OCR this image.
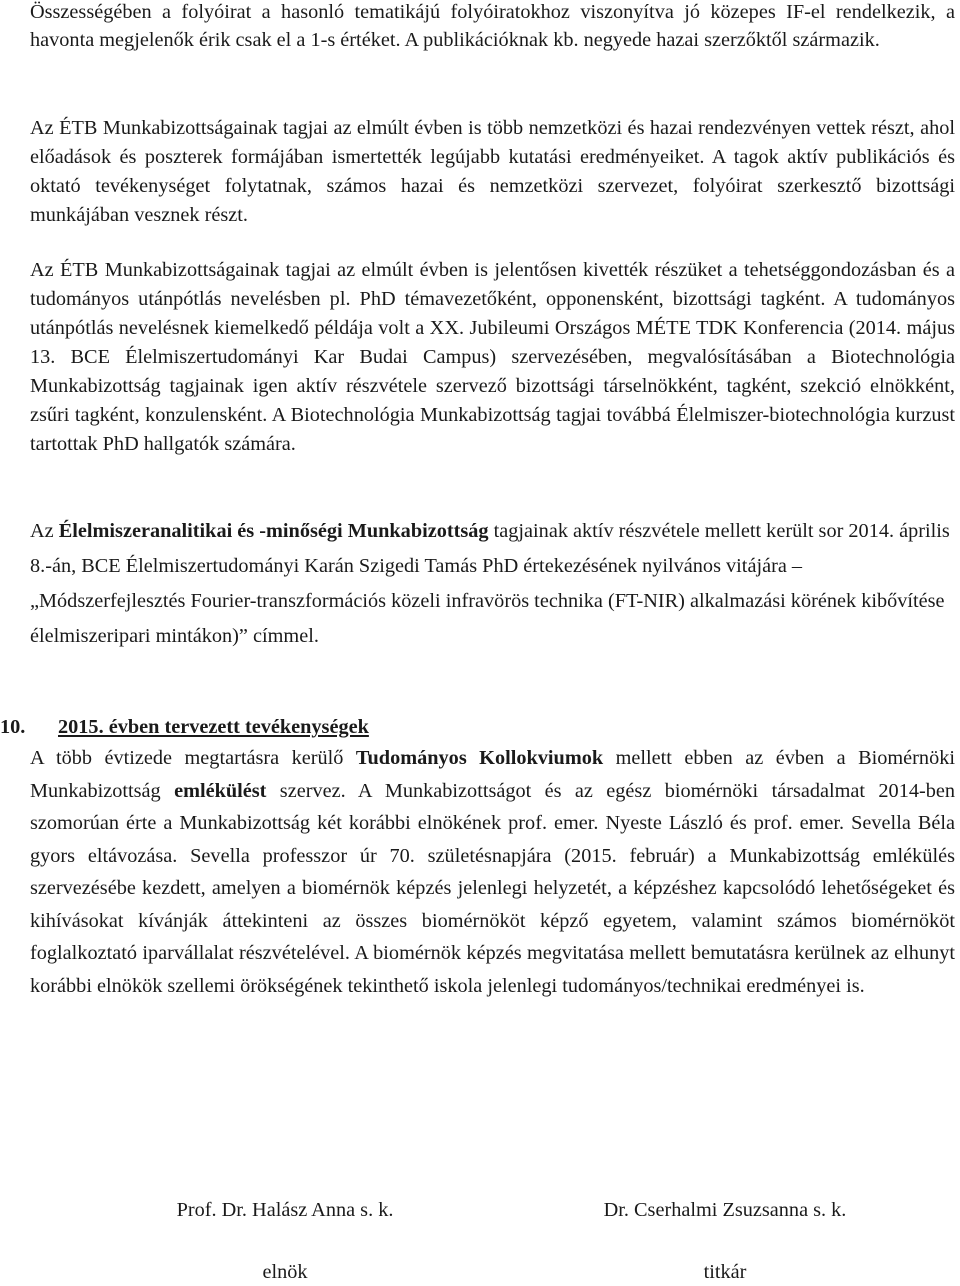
Összességében a folyóirat a hasonló tematikájú folyóiratokhoz viszonyítva jó közepes IF-el rendelkezik, a havonta megjelenők érik csak el a 1-s értéket. A publikációknak kb. negyede hazai szerzőktől származik.

Az ÉTB Munkabizottságainak tagjai az elmúlt évben is több nemzetközi és hazai rendezvényen vettek részt, ahol előadások és poszterek formájában ismertették legújabb kutatási eredményeiket. A tagok aktív publikációs és oktató tevékenységet folytatnak, számos hazai és nemzetközi szervezet, folyóirat szerkesztő bizottsági munkájában vesznek részt.

Az ÉTB Munkabizottságainak tagjai az elmúlt évben is jelentősen kivették részüket a tehetséggondozásban és a tudományos utánpótlás nevelésben pl. PhD témavezetőként, opponensként, bizottsági tagként. A tudományos utánpótlás nevelésnek kiemelkedő példája volt a XX. Jubileumi Országos MÉTE TDK Konferencia (2014. május 13. BCE Élelmiszertudományi Kar Budai Campus) szervezésében, megvalósításában a Biotechnológia Munkabizottság tagjainak igen aktív részvétele szervező bizottsági társelnökként, tagként, szekció elnökként, zsűri tagként, konzulensként. A Biotechnológia Munkabizottság tagjai továbbá Élelmiszer-biotechnológia kurzust tartottak PhD hallgatók számára.

Az Élelmiszeranalitikai és -minőségi Munkabizottság tagjainak aktív részvétele mellett került sor 2014. április 8.-án, BCE Élelmiszertudományi Karán Szigedi Tamás PhD értekezésének nyilvános vitájára – „Módszerfejlesztés Fourier-transzformációs közeli infravörös technika (FT-NIR) alkalmazási körének kibővítése élelmiszeripari mintákon)” címmel.

10. 2015. évben tervezett tevékenységek

A több évtizede megtartásra kerülő Tudományos Kollokviumok mellett ebben az évben a Biomérnöki Munkabizottság emlékülést szervez. A Munkabizottságot és az egész biomérnöki társadalmat 2014-ben szomorúan érte a Munkabizottság két korábbi elnökének prof. emer. Nyeste László és prof. emer. Sevella Béla gyors eltávozása. Sevella professzor úr 70. születésnapjára (2015. február) a Munkabizottság emlékülés szervezésébe kezdett, amelyen a biomérnök képzés jelenlegi helyzetét, a képzéshez kapcsolódó lehetőségeket és kihívásokat kívánják áttekinteni az összes biomérnököt képző egyetem, valamint számos biomérnököt foglalkoztató iparvállalat részvételével. A biomérnök képzés megvitatása mellett bemutatásra kerülnek az elhunyt korábbi elnökök szellemi örökségének tekinthető iskola jelenlegi tudományos/technikai eredményei is.

Prof. Dr. Halász Anna s. k.	Dr. Cserhalmi Zsuzsanna s. k.
elnök	titkár
